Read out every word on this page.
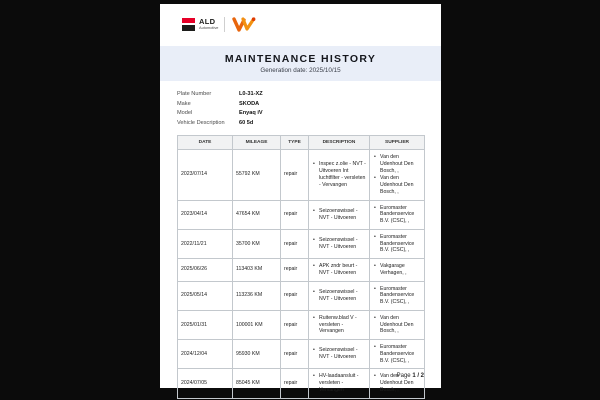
ALD
Automotive
MAINTENANCE HISTORY
Generation date: 2025/10/15
Plate Number	L0-31-XZ
Make	SKODA
Model	Enyaq iV
Vehicle Description	60 5d
DATE	MILEAGE	TYPE	DESCRIPTION	SUPPLIER
2023/07/14	55792 KM	repair	• Inspec z.olie - NVT - Uitvoeren Int luchtfilter - versleten - Vervangen	• Van den Udenhout Den Bosch, ,
• Van den Udenhout Den Bosch, ,

2023/04/14	47654 KM	repair	• Seizoenswissel - NVT - Uitvoeren	• Euromaster Bandenservice B.V. (CSC), ,

2022/11/21	35700 KM	repair	• Seizoenswissel - NVT - Uitvoeren	• Euromaster Bandenservice B.V. (CSC), ,

2025/06/26	113403 KM	repair	• APK zndr beurt - NVT - Uitvoeren	• Vakgarage Verhagen, ,

2025/05/14	113236 KM	repair	• Seizoenswissel - NVT - Uitvoeren	• Euromaster Bandenservice B.V. (CSC), ,

2025/01/31	100001 KM	repair	• Ruitenw.blad V - versleten - Vervangen	• Van den Udenhout Den Bosch, ,

2024/12/04	95930 KM	repair	• Seizoenswissel - NVT - Uitvoeren	• Euromaster Bandenservice B.V. (CSC), ,

2024/07/05	85045 KM	repair	• HV-laadaansluit - versleten - Vervangen	• Van den Udenhout Den Bosch, ,
Page 1 / 2
